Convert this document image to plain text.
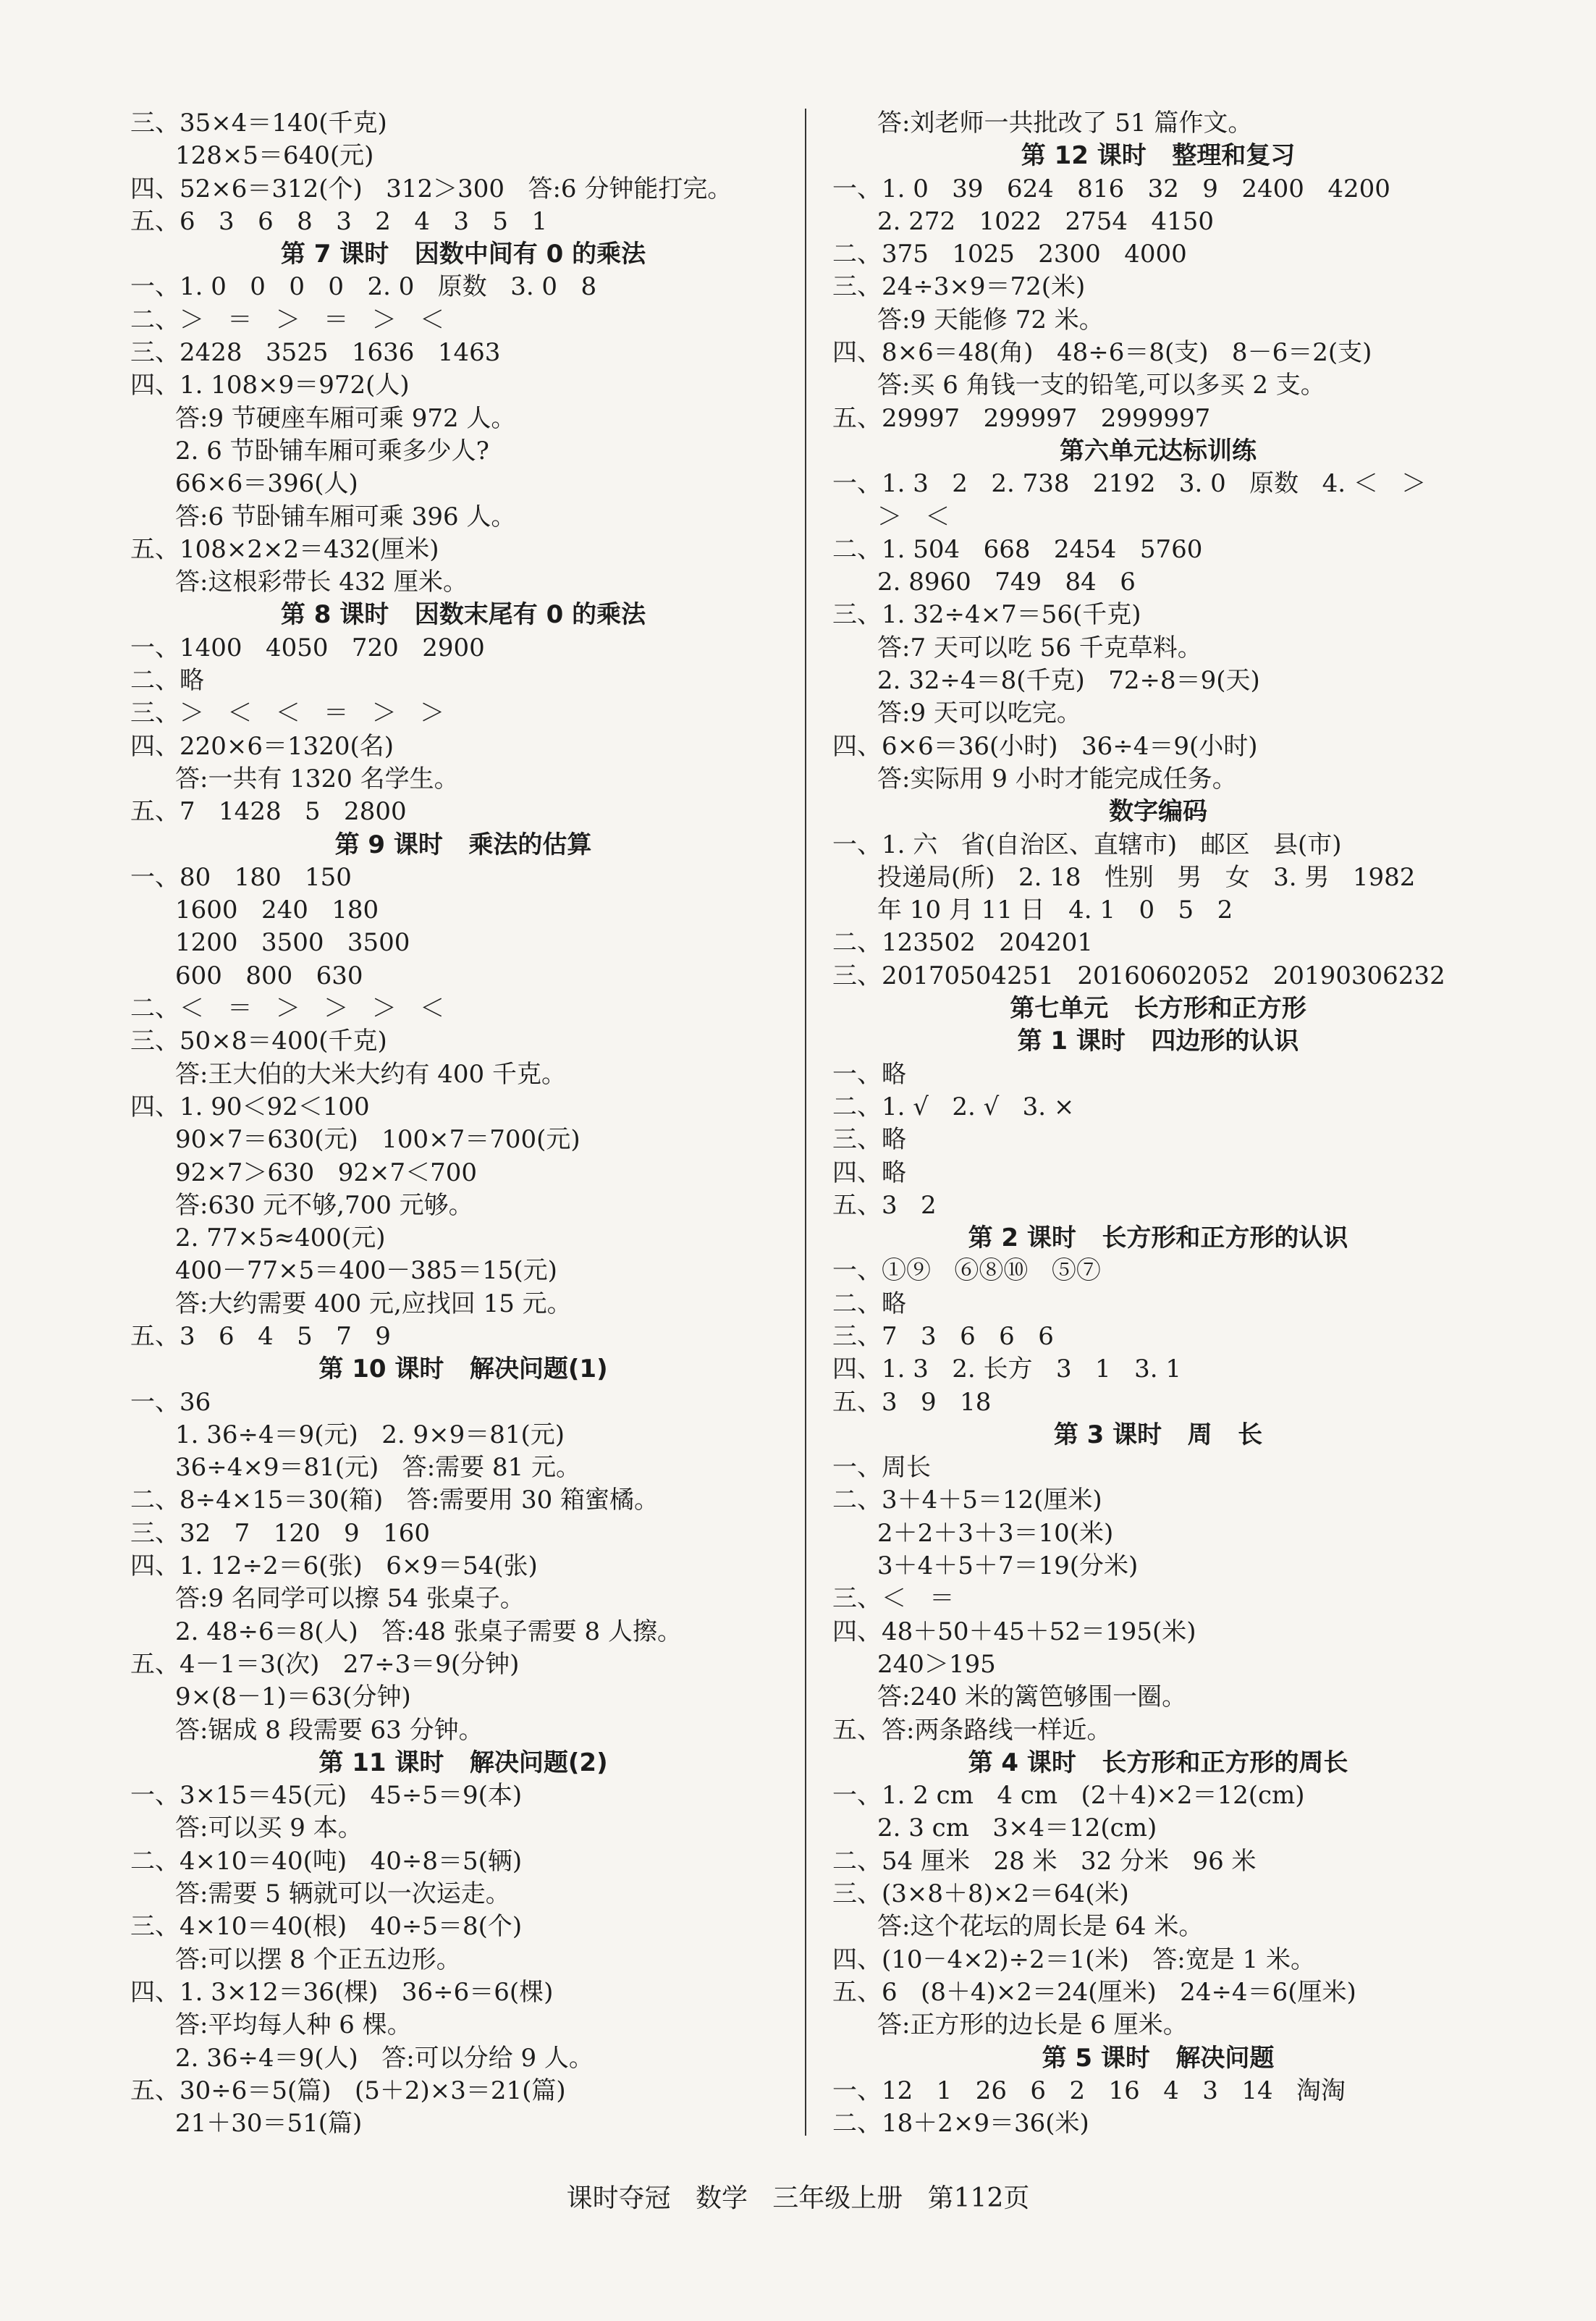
三、35×4＝140(千克)
128×5＝640(元)
四、52×6＝312(个)   312＞300   答:6 分钟能打完。
五、6   3   6   8   3   2   4   3   5   1
第 7 课时   因数中间有 0 的乘法
一、1. 0   0   0   0   2. 0   原数   3. 0   8
二、＞   ＝   ＞   ＝   ＞   ＜
三、2428   3525   1636   1463
四、1. 108×9＝972(人)
答:9 节硬座车厢可乘 972 人。
2. 6 节卧铺车厢可乘多少人?
66×6＝396(人)
答:6 节卧铺车厢可乘 396 人。
五、108×2×2＝432(厘米)
答:这根彩带长 432 厘米。
第 8 课时   因数末尾有 0 的乘法
一、1400   4050   720   2900
二、略
三、＞   ＜   ＜   ＝   ＞   ＞
四、220×6＝1320(名)
答:一共有 1320 名学生。
五、7   1428   5   2800
第 9 课时   乘法的估算
一、80   180   150
1600   240   180
1200   3500   3500
600   800   630
二、＜   ＝   ＞   ＞   ＞   ＜
三、50×8＝400(千克)
答:王大伯的大米大约有 400 千克。
四、1. 90＜92＜100
90×7＝630(元)   100×7＝700(元)
92×7＞630   92×7＜700
答:630 元不够,700 元够。
2. 77×5≈400(元)
400－77×5＝400－385＝15(元)
答:大约需要 400 元,应找回 15 元。
五、3   6   4   5   7   9
第 10 课时   解决问题(1)
一、36
1. 36÷4＝9(元)   2. 9×9＝81(元)
36÷4×9＝81(元)   答:需要 81 元。
二、8÷4×15＝30(箱)   答:需要用 30 箱蜜橘。
三、32   7   120   9   160
四、1. 12÷2＝6(张)   6×9＝54(张)
答:9 名同学可以擦 54 张桌子。
2. 48÷6＝8(人)   答:48 张桌子需要 8 人擦。
五、4－1＝3(次)   27÷3＝9(分钟)
9×(8－1)＝63(分钟)
答:锯成 8 段需要 63 分钟。
第 11 课时   解决问题(2)
一、3×15＝45(元)   45÷5＝9(本)
答:可以买 9 本。
二、4×10＝40(吨)   40÷8＝5(辆)
答:需要 5 辆就可以一次运走。
三、4×10＝40(根)   40÷5＝8(个)
答:可以摆 8 个正五边形。
四、1. 3×12＝36(棵)   36÷6＝6(棵)
答:平均每人种 6 棵。
2. 36÷4＝9(人)   答:可以分给 9 人。
五、30÷6＝5(篇)   (5＋2)×3＝21(篇)
21＋30＝51(篇)
答:刘老师一共批改了 51 篇作文。
第 12 课时   整理和复习
一、1. 0   39   624   816   32   9   2400   4200
2. 272   1022   2754   4150
二、375   1025   2300   4000
三、24÷3×9＝72(米)
答:9 天能修 72 米。
四、8×6＝48(角)   48÷6＝8(支)   8－6＝2(支)
答:买 6 角钱一支的铅笔,可以多买 2 支。
五、29997   299997   2999997
第六单元达标训练
一、1. 3   2   2. 738   2192   3. 0   原数   4. ＜   ＞
＞   ＜
二、1. 504   668   2454   5760
2. 8960   749   84   6
三、1. 32÷4×7＝56(千克)
答:7 天可以吃 56 千克草料。
2. 32÷4＝8(千克)   72÷8＝9(天)
答:9 天可以吃完。
四、6×6＝36(小时)   36÷4＝9(小时)
答:实际用 9 小时才能完成任务。
数字编码
一、1. 六   省(自治区、直辖市)   邮区   县(市)
投递局(所)   2. 18   性别   男   女   3. 男   1982
年 10 月 11 日   4. 1   0   5   2
二、123502   204201
三、20170504251   20160602052   20190306232
第七单元   长方形和正方形
第 1 课时   四边形的认识
一、略
二、1. √   2. √   3. ×
三、略
四、略
五、3   2
第 2 课时   长方形和正方形的认识
一、①⑨   ⑥⑧⑩   ⑤⑦
二、略
三、7   3   6   6   6
四、1. 3   2. 长方   3   1   3. 1
五、3   9   18
第 3 课时   周   长
一、周长
二、3＋4＋5＝12(厘米)
2＋2＋3＋3＝10(米)
3＋4＋5＋7＝19(分米)
三、＜   ＝
四、48＋50＋45＋52＝195(米)
240＞195
答:240 米的篱笆够围一圈。
五、答:两条路线一样近。
第 4 课时   长方形和正方形的周长
一、1. 2 cm   4 cm   (2＋4)×2＝12(cm)
2. 3 cm   3×4＝12(cm)
二、54 厘米   28 米   32 分米   96 米
三、(3×8＋8)×2＝64(米)
答:这个花坛的周长是 64 米。
四、(10－4×2)÷2＝1(米)   答:宽是 1 米。
五、6   (8＋4)×2＝24(厘米)   24÷4＝6(厘米)
答:正方形的边长是 6 厘米。
第 5 课时   解决问题
一、12   1   26   6   2   16   4   3   14   淘淘
二、18＋2×9＝36(米)
课时夺冠   数学   三年级上册   第112页
